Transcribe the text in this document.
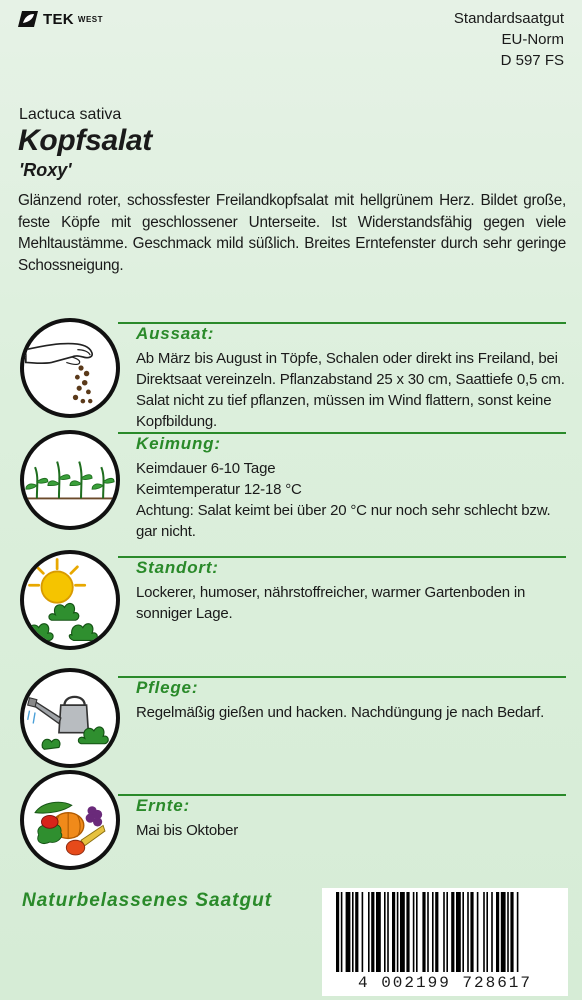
TEK WEST	Standardsaatgut
EU-Norm
D 597 FS
Lactuca sativa
Kopfsalat
'Roxy'
Glänzend roter, schossfester Freilandkopfsalat mit hellgrünem Herz. Bildet große, feste Köpfe mit geschlossener Unterseite. Ist Widerstandsfähig gegen viele Mehltaustämme. Geschmack mild süßlich. Breites Erntefenster durch sehr geringe Schossneigung.
Aussaat:
Ab März bis August in Töpfe, Schalen oder direkt ins Freiland, bei
Direktsaat vereinzeln. Pflanzabstand 25 x 30 cm, Saattiefe 0,5 cm.
Salat nicht zu tief pflanzen, müssen im Wind flattern, sonst keine
Kopfbildung.
Keimung:
Keimdauer 6-10 Tage
Keimtemperatur 12-18 °C
Achtung: Salat keimt bei über 20 °C nur noch sehr schlecht bzw.
gar nicht.
Standort:
Lockerer, humoser, nährstoffreicher, warmer Gartenboden in
sonniger Lage.
Pflege:
Regelmäßig gießen und hacken. Nachdüngung je nach Bedarf.
Ernte:
Mai bis Oktober
Naturbelassenes Saatgut
4 002199 728617
